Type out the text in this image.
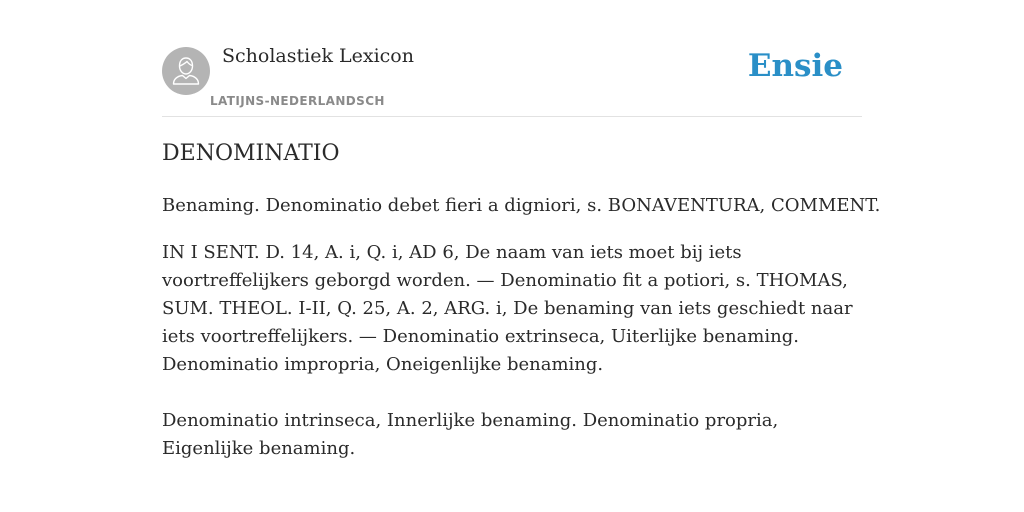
Scholastiek Lexicon
LATIJNS-NEDERLANDSCH
Ensie
DENOMINATIO

Benaming. Denominatio debet fieri a digniori, s. BONAVENTURA, COMMENT.

IN I SENT. D. 14, A. i, Q. i, AD 6, De naam van iets moet bij iets voortreffelijkers geborgd worden. — Denominatio fit a potiori, s. THOMAS, SUM. THEOL. I-II, Q. 25, A. 2, ARG. i, De benaming van iets geschiedt naar iets voortreffelijkers. — Denominatio extrinseca, Uiterlijke benaming. Denominatio impropria, Oneigenlijke benaming.

Denominatio intrinseca, Innerlijke benaming. Denominatio propria, Eigenlijke benaming.
